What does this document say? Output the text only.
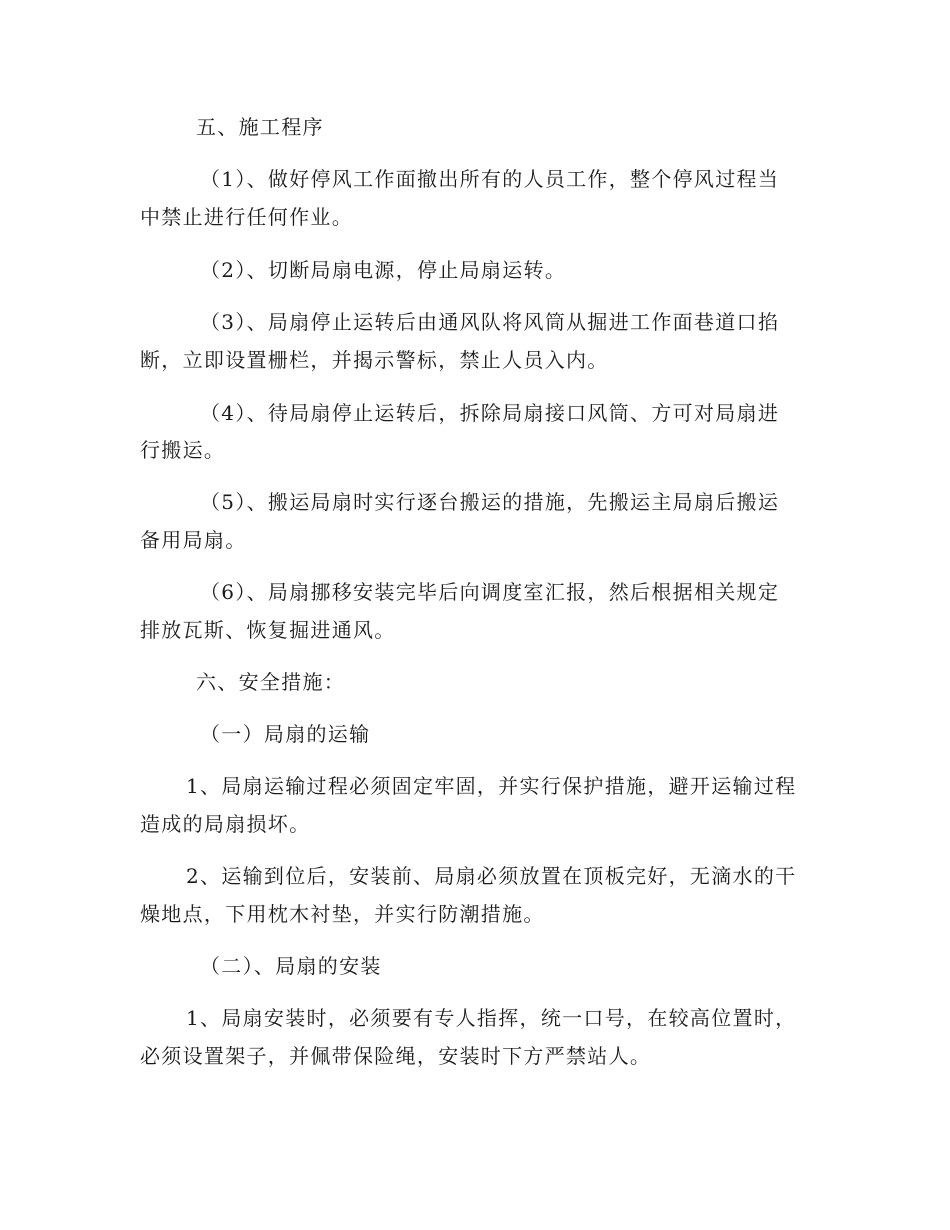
五、施工程序
（1）、做好停风工作面撤出所有的人员工作，整个停风过程当
中禁止进行任何作业。
（2）、切断局扇电源，停止局扇运转。
（3）、局扇停止运转后由通风队将风筒从掘进工作面巷道口掐
断，立即设置栅栏，并揭示警标，禁止人员入内。
（4）、待局扇停止运转后，拆除局扇接口风筒、方可对局扇进
行搬运。
（5）、搬运局扇时实行逐台搬运的措施，先搬运主局扇后搬运
备用局扇。
（6）、局扇挪移安装完毕后向调度室汇报，然后根据相关规定
排放瓦斯、恢复掘进通风。
六、安全措施：
（一）局扇的运输
1、局扇运输过程必须固定牢固，并实行保护措施，避开运输过程
造成的局扇损坏。
2、运输到位后，安装前、局扇必须放置在顶板完好，无滴水的干
燥地点，下用枕木衬垫，并实行防潮措施。
（二）、局扇的安装
1、局扇安装时，必须要有专人指挥，统一口号，在较高位置时，
必须设置架子，并佩带保险绳，安装时下方严禁站人。
